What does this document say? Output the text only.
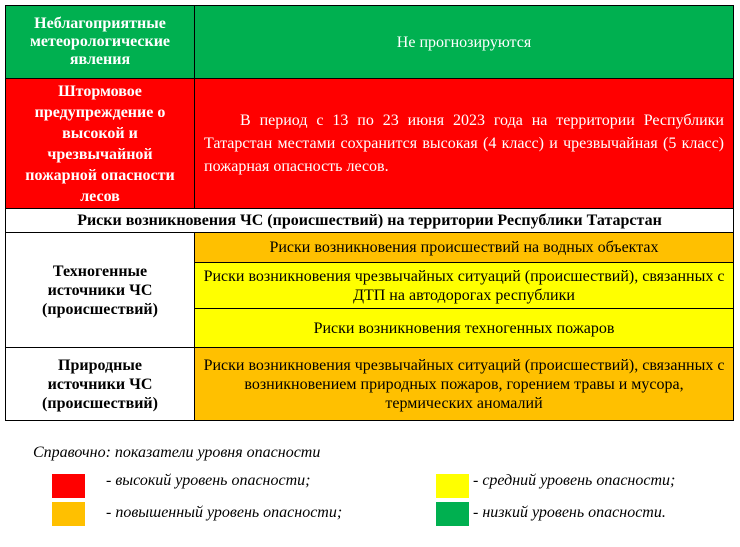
Неблагоприятные метеорологические явления
Не прогнозируются
Штормовое предупреждение о высокой и чрезвычайной пожарной опасности лесов
В период с 13 по 23 июня 2023 года на территории Республики Татарстан местами сохранится высокая (4 класс) и чрезвычайная (5 класс) пожарная опасность лесов.
Риски возникновения ЧС (происшествий) на территории Республики Татарстан
Техногенные источники ЧС (происшествий)
Риски возникновения происшествий на водных объектах
Риски возникновения чрезвычайных ситуаций (происшествий), связанных с ДТП на автодорогах республики
Риски возникновения техногенных пожаров
Природные источники ЧС (происшествий)
Риски возникновения чрезвычайных ситуаций (происшествий), связанных с возникновением природных пожаров, горением травы и мусора, термических аномалий
Справочно: показатели уровня опасности
- высокий уровень опасности;	- средний уровень опасности;
- повышенный уровень опасности;	- низкий уровень опасности.
